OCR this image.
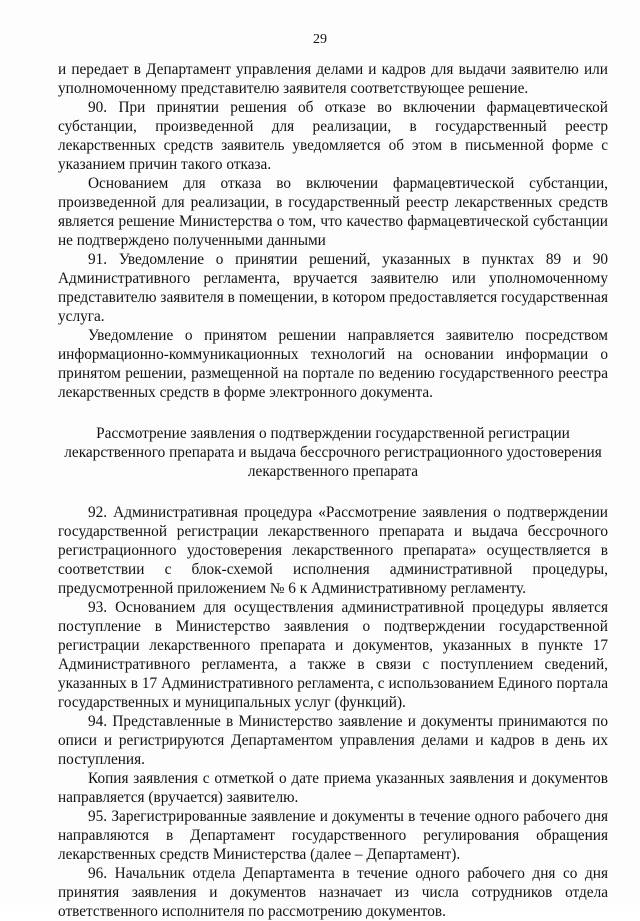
29

и передает в Департамент управления делами и кадров для выдачи заявителю или уполномоченному представителю заявителя соответствующее решение.

90. При принятии решения об отказе во включении фармацевтической субстанции, произведенной для реализации, в государственный реестр лекарственных средств заявитель уведомляется об этом в письменной форме с указанием причин такого отказа.

Основанием для отказа во включении фармацевтической субстанции, произведенной для реализации, в государственный реестр лекарственных средств является решение Министерства о том, что качество фармацевтической субстанции не подтверждено полученными данными

91. Уведомление о принятии решений, указанных в пунктах 89 и 90 Административного регламента, вручается заявителю или уполномоченному представителю заявителя в помещении, в котором предоставляется государственная услуга.

Уведомление о принятом решении направляется заявителю посредством информационно-коммуникационных технологий на основании информации о принятом решении, размещенной на портале по ведению государственного реестра лекарственных средств в форме электронного документа.

Рассмотрение заявления о подтверждении государственной регистрации
лекарственного препарата и выдача бессрочного регистрационного удостоверения
лекарственного препарата

92. Административная процедура «Рассмотрение заявления о подтверждении государственной регистрации лекарственного препарата и выдача бессрочного регистрационного удостоверения лекарственного препарата» осуществляется в соответствии с блок-схемой исполнения административной процедуры, предусмотренной приложением № 6 к Административному регламенту.

93. Основанием для осуществления административной процедуры является поступление в Министерство заявления о подтверждении государственной регистрации лекарственного препарата и документов, указанных в пункте 17 Административного регламента, а также в связи с поступлением сведений, указанных в 17 Административного регламента, с использованием Единого портала государственных и муниципальных услуг (функций).

94. Представленные в Министерство заявление и документы принимаются по описи и регистрируются Департаментом управления делами и кадров в день их поступления.

Копия заявления с отметкой о дате приема указанных заявления и документов направляется (вручается) заявителю.

95. Зарегистрированные заявление и документы в течение одного рабочего дня направляются в Департамент государственного регулирования обращения лекарственных средств Министерства (далее – Департамент).

96. Начальник отдела Департамента в течение одного рабочего дня со дня принятия заявления и документов назначает из числа сотрудников отдела ответственного исполнителя по рассмотрению документов.
